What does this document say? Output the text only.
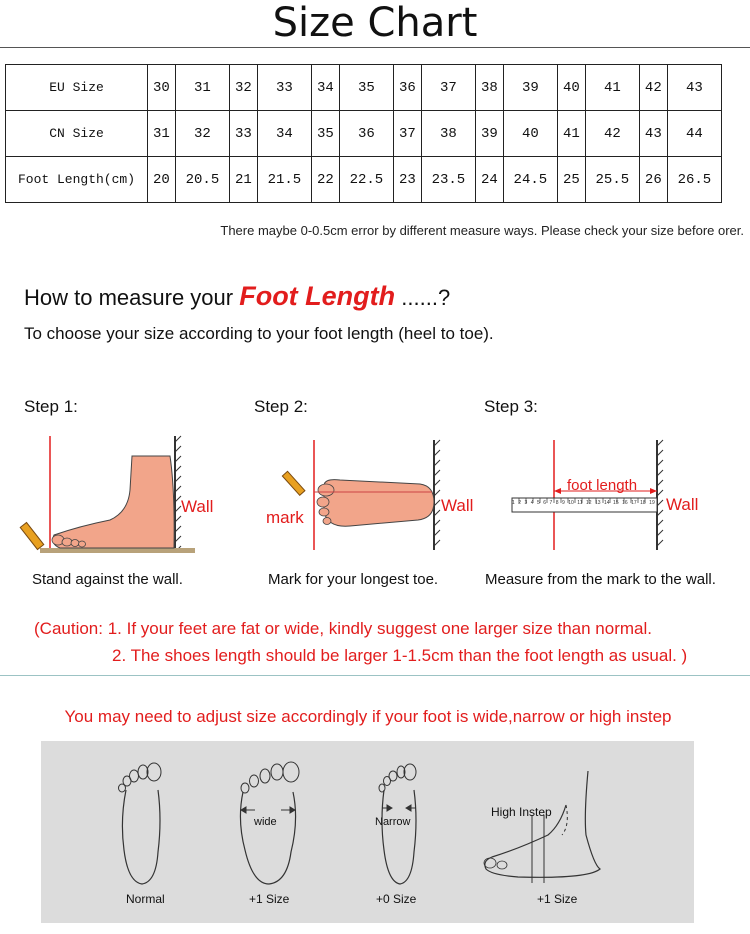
Size Chart
EU Size	30	31	32	33	34	35	36	37	38	39	40	41	42	43
CN Size	31	32	33	34	35	36	37	38	39	40	41	42	43	44
Foot Length(cm)	20	20.5	21	21.5	22	22.5	23	23.5	24	24.5	25	25.5	26	26.5
There maybe 0-0.5cm error by different measure ways. Please check your size before orer.
How to measure your Foot Length ......?
To choose your size according to your foot length (heel to toe).
Step 1:	Step 2:	Step 3:
Wall	Wall
mark
1 2 3 4 5 6 7 8 9 10 11 12 13 14 15 16 17 18 19
foot length
Wall
Stand against the wall.	Mark for your longest toe.	Measure from the mark to the wall.
(Caution: 1. If your feet are fat or wide, kindly suggest one larger size than normal.
2. The shoes length should be larger 1-1.5cm than the foot length as usual. )
You may need to adjust size accordingly if your foot is wide,narrow or high instep
Normal
wide
+1 Size
Narrow
+0 Size
High Instep
+1 Size
